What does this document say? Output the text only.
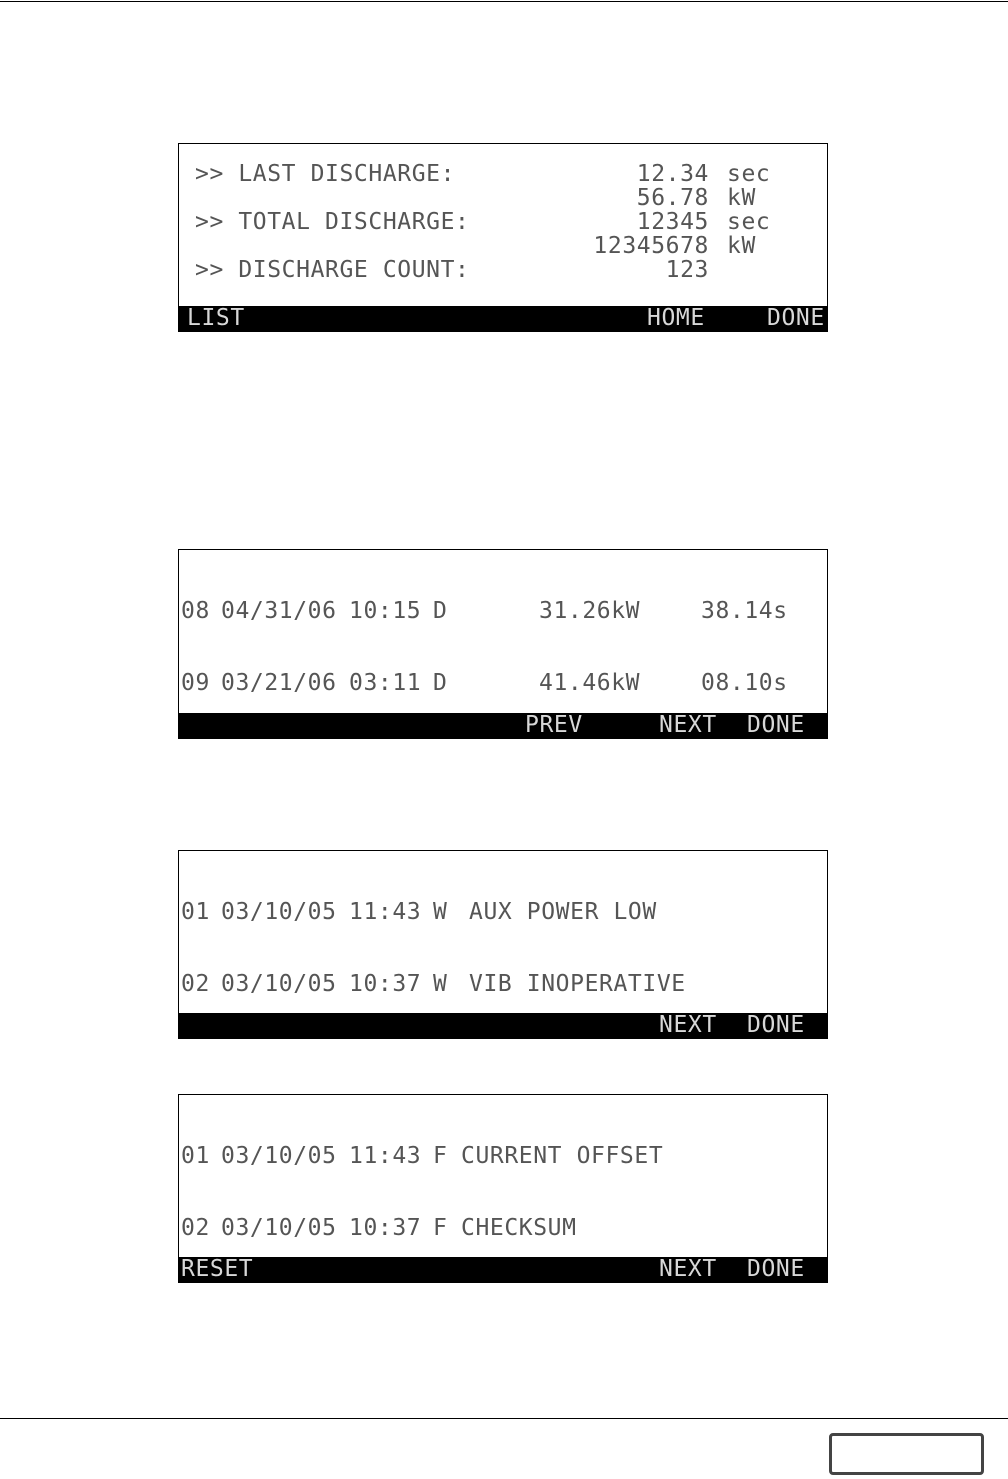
>> LAST DISCHARGE:	12.34 sec
56.78 kW
>> TOTAL DISCHARGE:	12345 sec
12345678 kW
>> DISCHARGE COUNT:	123
LIST	HOME	DONE

08 04/31/06 10:15 D	31.26kW	38.14s

09 03/21/06 03:11 D	41.46kW	08.10s

PREV	NEXT DONE

01 03/10/05 11:43 W AUX POWER LOW

02 03/10/05 10:37 W VIB INOPERATIVE

NEXT DONE

01 03/10/05 11:43 F CURRENT OFFSET

02 03/10/05 10:37 F CHECKSUM

RESET	NEXT DONE
